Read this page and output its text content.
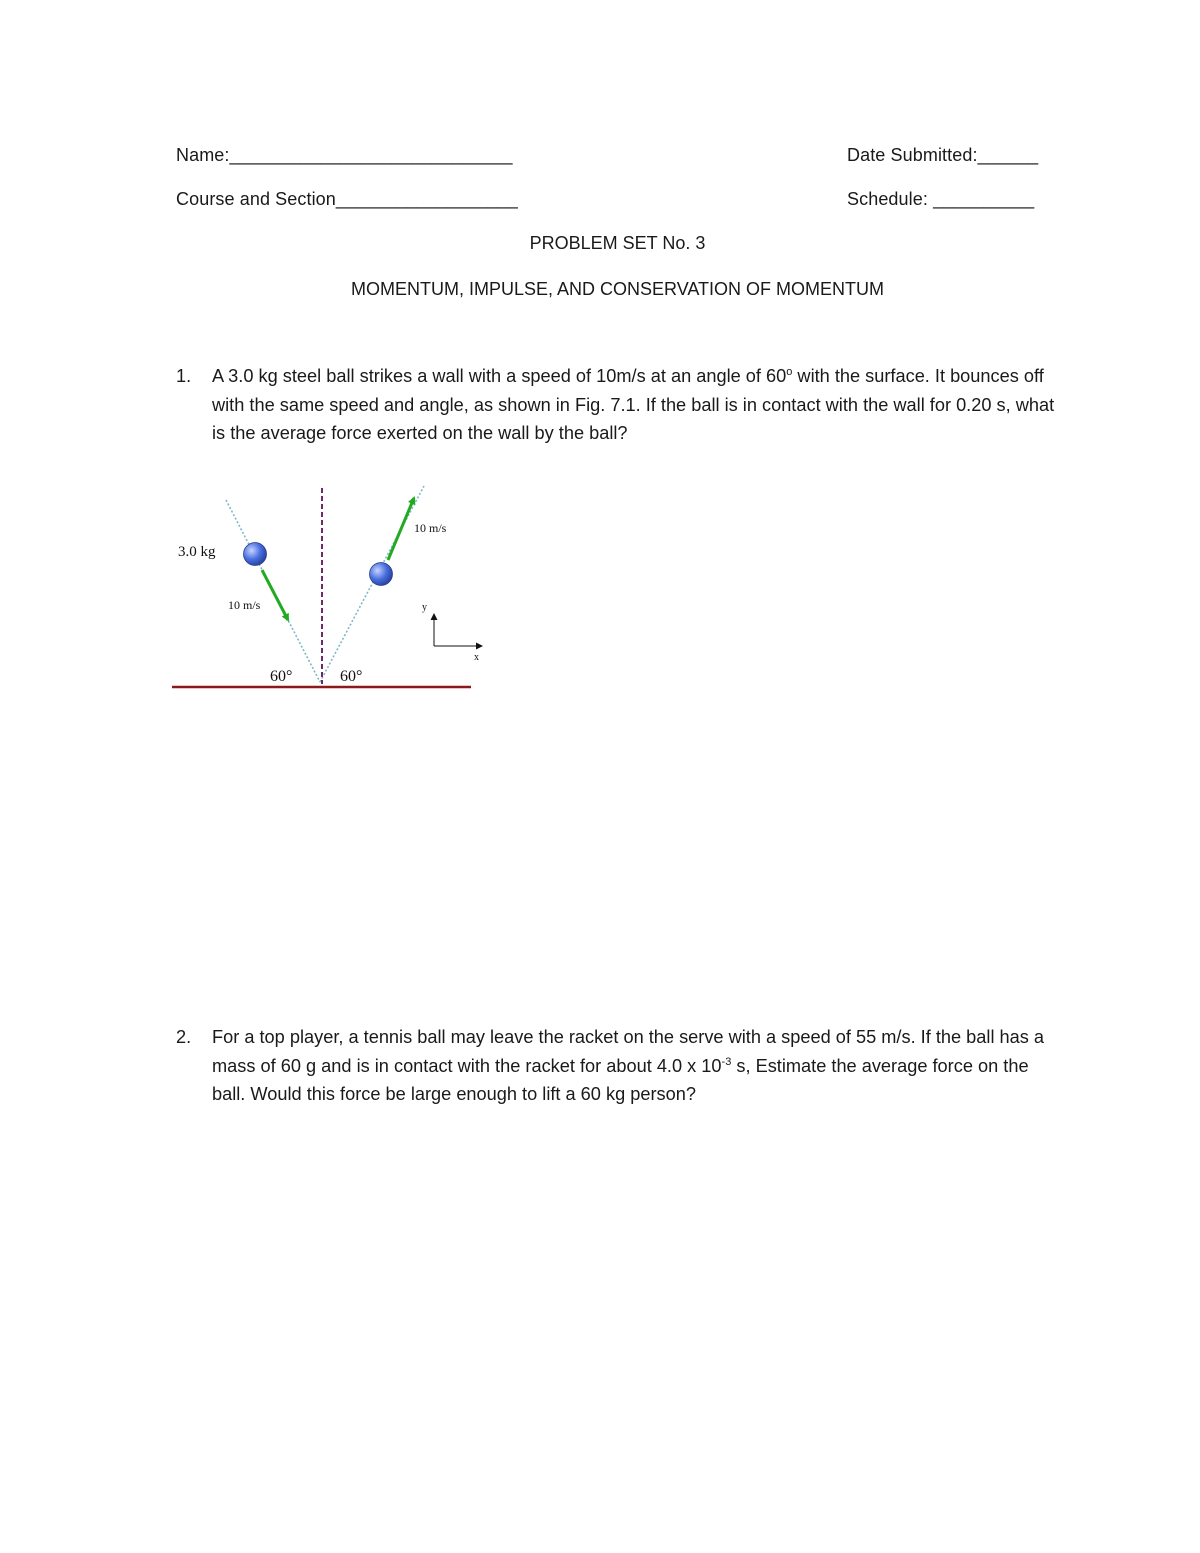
Name:____________________________	Date Submitted:______
Course and Section__________________	Schedule: __________
PROBLEM SET No. 3
MOMENTUM, IMPULSE, AND CONSERVATION OF MOMENTUM
1. A 3.0 kg steel ball strikes a wall with a speed of 10m/s at an angle of 60$^o$ with the surface. It bounces off with the same speed and angle, as shown in Fig. 7.1. If the ball is in contact with the wall for 0.20 s, what is the average force exerted on the wall by the ball?
3.0 kg
10 m/s
10 m/s
60°	60°
y
x
2. For a top player, a tennis ball may leave the racket on the serve with a speed of 55 m/s. If the ball has a mass of 60 g and is in contact with the racket for about 4.0 x $10^{-3}$ s, Estimate the average force on the ball. Would this force be large enough to lift a 60 kg person?
